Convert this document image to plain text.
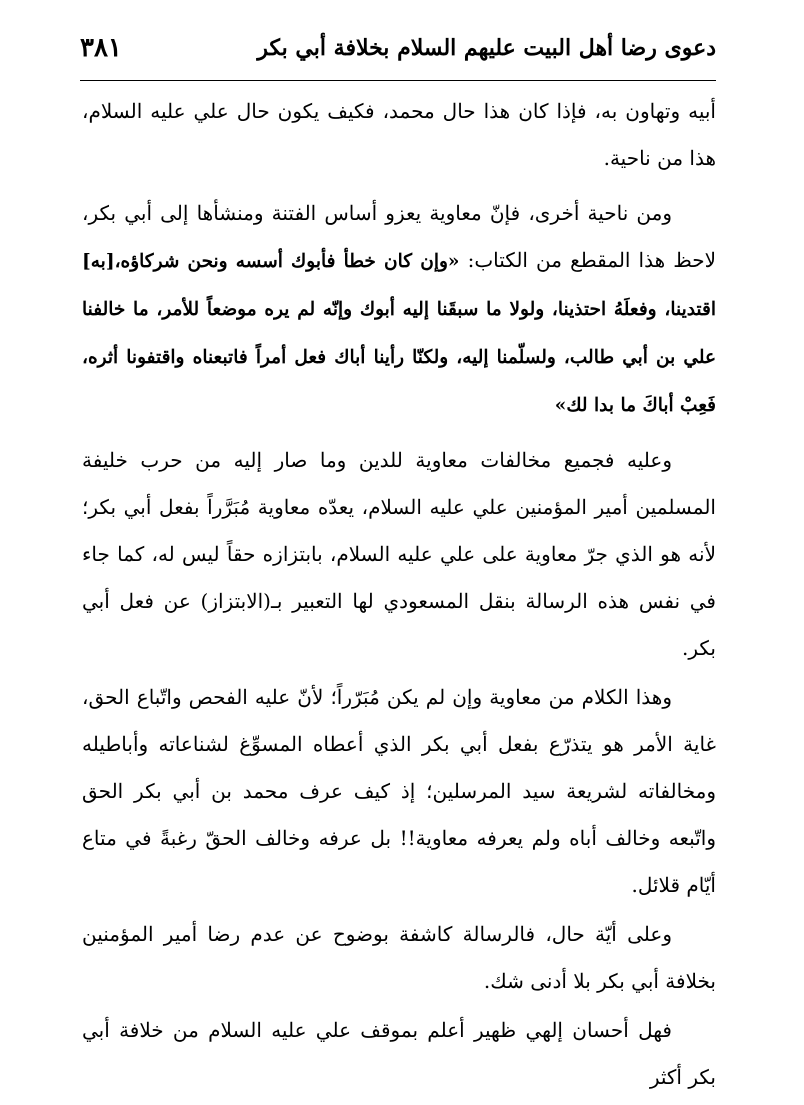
٣٨١	دعوى رضا أهل البيت عليهم السلام بخلافة أبي بكر

أبيه وتهاون به، فإذا كان هذا حال محمد، فكيف يكون حال علي عليه السلام، هذا من ناحية.

ومن ناحية أخرى، فإنّ معاوية يعزو أساس الفتنة ومنشأها إلى أبي بكر، لاحظ هذا المقطع من الكتاب: «وإن كان خطأ فأبوك أسسه ونحن شركاؤه،[به] اقتدينا، وفعلَهُ احتذينا، ولولا ما سبقَنا إليه أبوك وإنّه لم يره موضعاً للأمر، ما خالفنا علي بن أبي طالب، ولسلّمنا إليه، ولكنّا رأينا أباك فعل أمراً فاتبعناه واقتفونا أثره، فَعِبْ أباكَ ما بدا لك»

وعليه فجميع مخالفات معاوية للدين وما صار إليه من حرب خليفة المسلمين أمير المؤمنين علي عليه السلام، يعدّه معاوية مُبَرَّراً بفعل أبي بكر؛ لأنه هو الذي جرّ معاوية على علي عليه السلام، بابتزازه حقاً ليس له، كما جاء في نفس هذه الرسالة بنقل المسعودي لها التعبير بـ(الابتزاز) عن فعل أبي بكر.

وهذا الكلام من معاوية وإن لم يكن مُبَرّراً؛ لأنّ عليه الفحص واتّباع الحق، غاية الأمر هو يتذرّع بفعل أبي بكر الذي أعطاه المسوِّغ لشناعاته وأباطيله ومخالفاته لشريعة سيد المرسلين؛ إذ كيف عرف محمد بن أبي بكر الحق واتّبعه وخالف أباه ولم يعرفه معاوية!! بل عرفه وخالف الحقّ رغبةً في متاع أيّام قلائل.

وعلى أيّة حال، فالرسالة كاشفة بوضوح عن عدم رضا أمير المؤمنين بخلافة أبي بكر بلا أدنى شك.

فهل أحسان إلهي ظهير أعلم بموقف علي عليه السلام من خلافة أبي بكر أكثر
